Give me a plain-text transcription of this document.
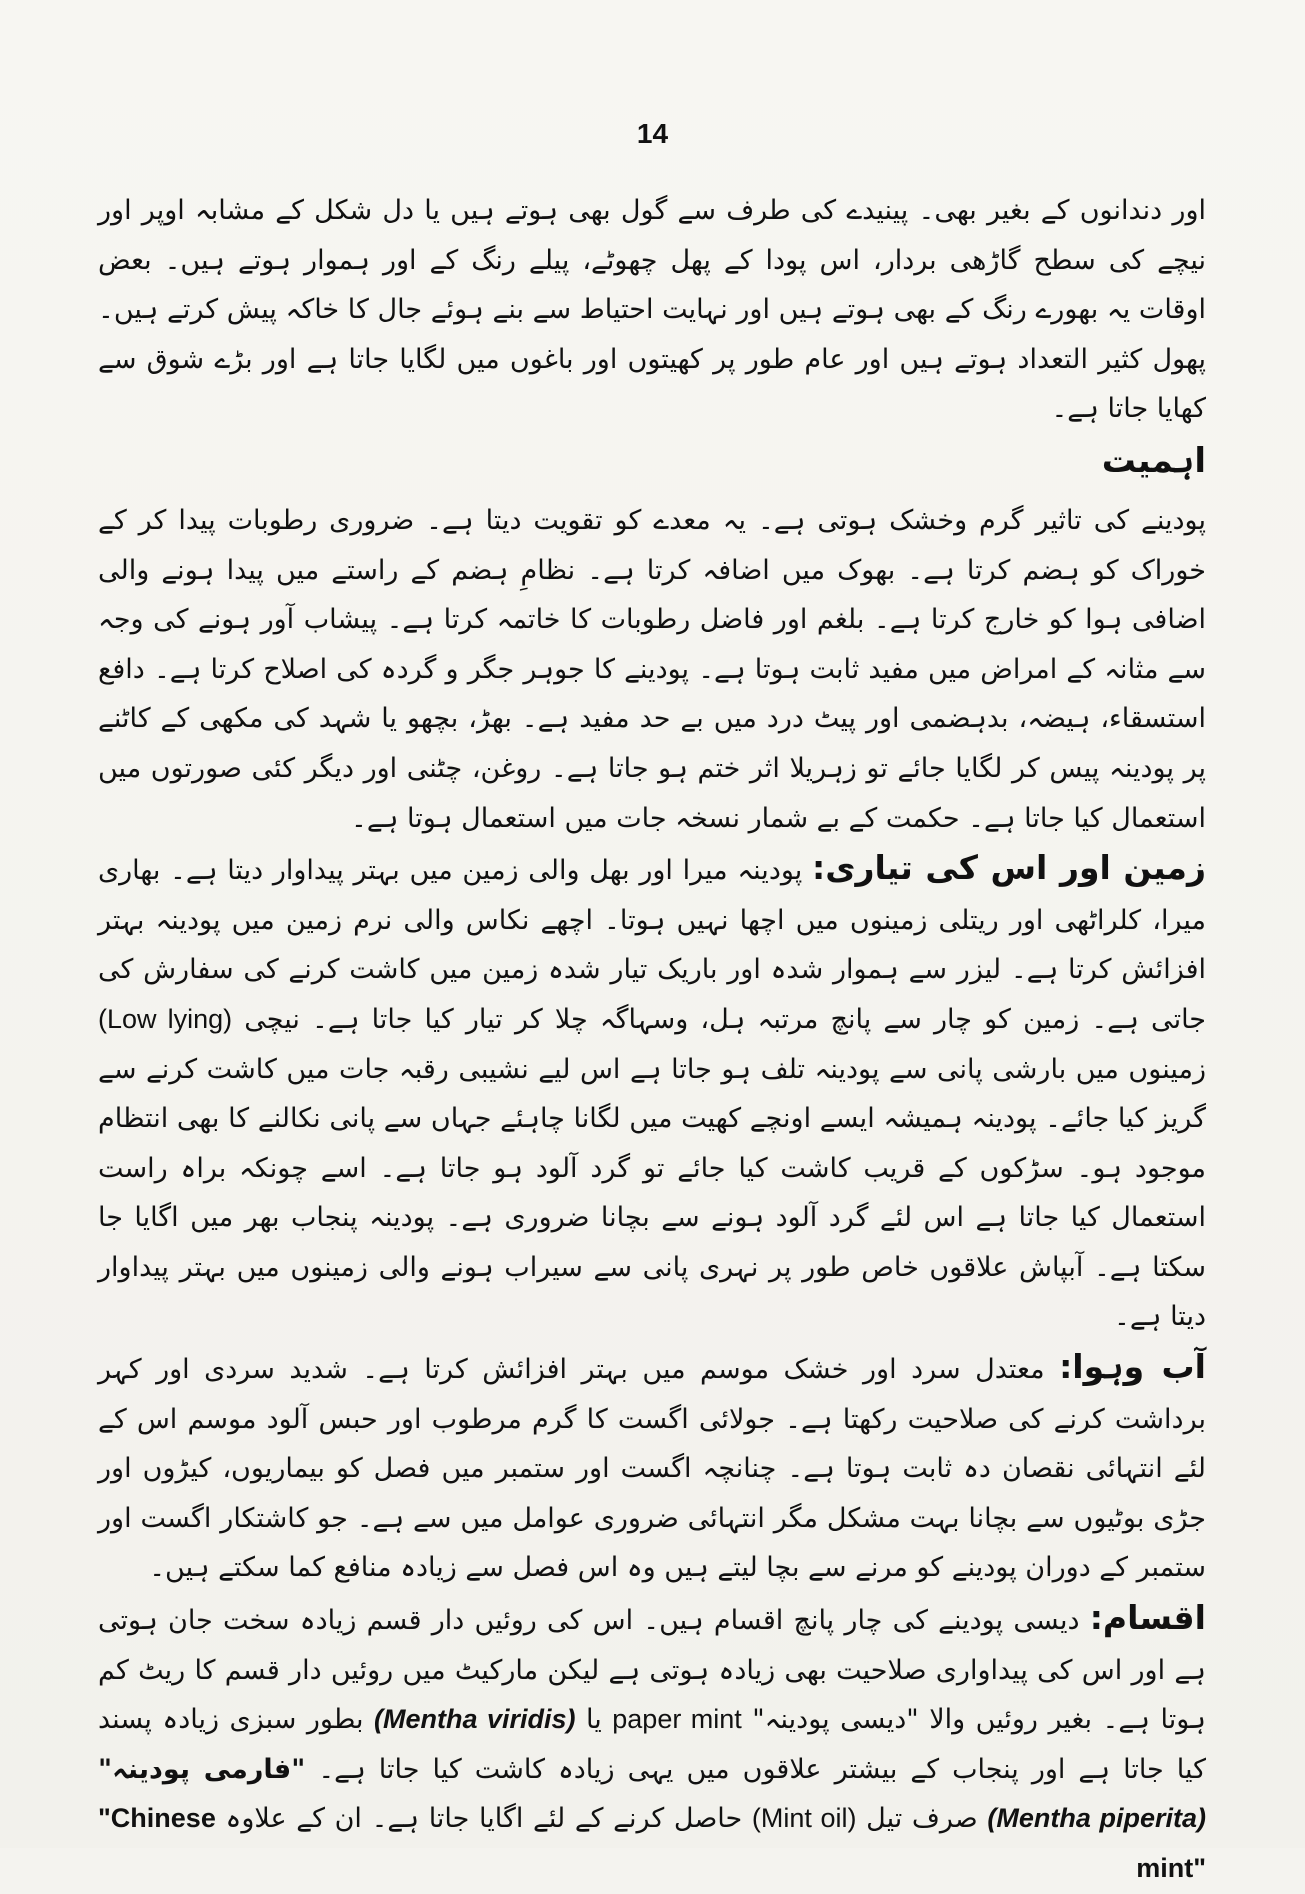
14

اور دندانوں کے بغیر بھی۔ پینیدے کی طرف سے گول بھی ہوتے ہیں یا دل شکل کے مشابہ اوپر اور نیچے کی سطح گاڑھی بردار، اس پودا کے پھل چھوٹے، پیلے رنگ کے اور ہموار ہوتے ہیں۔ بعض اوقات یہ بھورے رنگ کے بھی ہوتے ہیں اور نہایت احتیاط سے بنے ہوئے جال کا خاکہ پیش کرتے ہیں۔ پھول کثیر التعداد ہوتے ہیں اور عام طور پر کھیتوں اور باغوں میں لگایا جاتا ہے اور بڑے شوق سے کھایا جاتا ہے۔

اہمیت

پودینے کی تاثیر گرم وخشک ہوتی ہے۔ یہ معدے کو تقویت دیتا ہے۔ ضروری رطوبات پیدا کر کے خوراک کو ہضم کرتا ہے۔ بھوک میں اضافہ کرتا ہے۔ نظامِ ہضم کے راستے میں پیدا ہونے والی اضافی ہوا کو خارج کرتا ہے۔ بلغم اور فاضل رطوبات کا خاتمہ کرتا ہے۔ پیشاب آور ہونے کی وجہ سے مثانہ کے امراض میں مفید ثابت ہوتا ہے۔ پودینے کا جوہر جگر و گردہ کی اصلاح کرتا ہے۔ دافع استسقاء، ہیضہ، بدہضمی اور پیٹ درد میں بے حد مفید ہے۔ بھڑ، بچھو یا شہد کی مکھی کے کاٹنے پر پودینہ پیس کر لگایا جائے تو زہریلا اثر ختم ہو جاتا ہے۔ روغن، چٹنی اور دیگر کئی صورتوں میں استعمال کیا جاتا ہے۔ حکمت کے بے شمار نسخہ جات میں استعمال ہوتا ہے۔

زمین اور اس کی تیاری: پودینہ میرا اور بھل والی زمین میں بہتر پیداوار دیتا ہے۔ بھاری میرا، کلراٹھی اور ریتلی زمینوں میں اچھا نہیں ہوتا۔ اچھے نکاس والی نرم زمین میں پودینہ بہتر افزائش کرتا ہے۔ لیزر سے ہموار شدہ اور باریک تیار شدہ زمین میں کاشت کرنے کی سفارش کی جاتی ہے۔ زمین کو چار سے پانچ مرتبہ ہل، وسہاگہ چلا کر تیار کیا جاتا ہے۔ نیچی (Low lying) زمینوں میں بارشی پانی سے پودینہ تلف ہو جاتا ہے اس لیے نشیبی رقبہ جات میں کاشت کرنے سے گریز کیا جائے۔ پودینہ ہمیشہ ایسے اونچے کھیت میں لگانا چاہئے جہاں سے پانی نکالنے کا بھی انتظام موجود ہو۔ سڑکوں کے قریب کاشت کیا جائے تو گرد آلود ہو جاتا ہے۔ اسے چونکہ براہ راست استعمال کیا جاتا ہے اس لئے گرد آلود ہونے سے بچانا ضروری ہے۔ پودینہ پنجاب بھر میں اگایا جا سکتا ہے۔ آبپاش علاقوں خاص طور پر نہری پانی سے سیراب ہونے والی زمینوں میں بہتر پیداوار دیتا ہے۔

آب وہوا: معتدل سرد اور خشک موسم میں بہتر افزائش کرتا ہے۔ شدید سردی اور کہر برداشت کرنے کی صلاحیت رکھتا ہے۔ جولائی اگست کا گرم مرطوب اور حبس آلود موسم اس کے لئے انتہائی نقصان دہ ثابت ہوتا ہے۔ چنانچہ اگست اور ستمبر میں فصل کو بیماریوں، کیڑوں اور جڑی بوٹیوں سے بچانا بہت مشکل مگر انتہائی ضروری عوامل میں سے ہے۔ جو کاشتکار اگست اور ستمبر کے دوران پودینے کو مرنے سے بچا لیتے ہیں وہ اس فصل سے زیادہ منافع کما سکتے ہیں۔

اقسام: دیسی پودینے کی چار پانچ اقسام ہیں۔ اس کی روئیں دار قسم زیادہ سخت جان ہوتی ہے اور اس کی پیداواری صلاحیت بھی زیادہ ہوتی ہے لیکن مارکیٹ میں روئیں دار قسم کا ریٹ کم ہوتا ہے۔ بغیر روئیں والا "دیسی پودینہ" paper mint یا (Mentha viridis) بطور سبزی زیادہ پسند کیا جاتا ہے اور پنجاب کے بیشتر علاقوں میں یہی زیادہ کاشت کیا جاتا ہے۔ "فارمی پودینہ" (Mentha piperita) صرف تیل (Mint oil) حاصل کرنے کے لئے اگایا جاتا ہے۔ ان کے علاوہ "Chinese mint"
